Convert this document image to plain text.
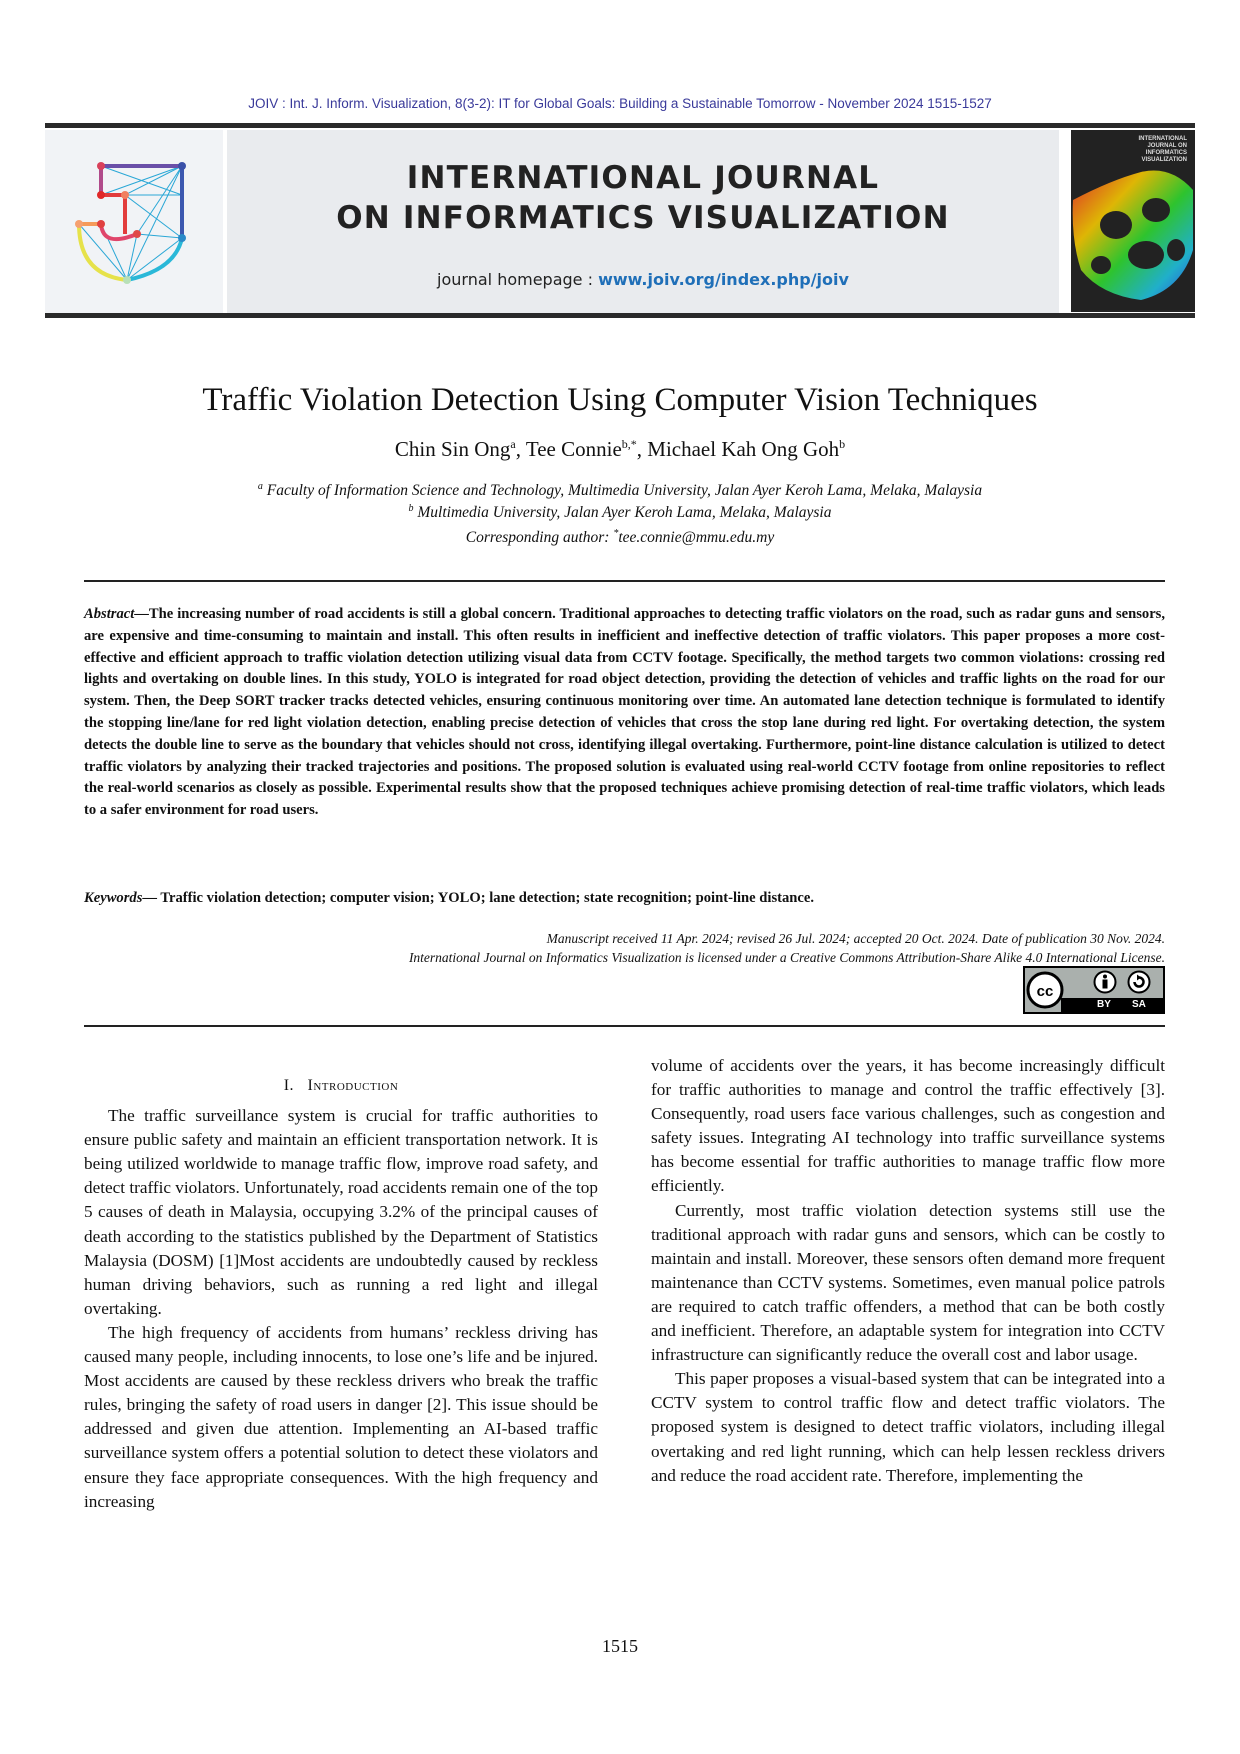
JOIV : Int. J. Inform. Visualization, 8(3-2): IT for Global Goals: Building a Sustainable Tomorrow - November 2024 1515-1527
INTERNATIONAL JOURNAL
ON INFORMATICS VISUALIZATION
journal homepage : www.joiv.org/index.php/joiv
INTERNATIONAL
JOURNAL ON
INFORMATICS
VISUALIZATION
Traffic Violation Detection Using Computer Vision Techniques
Chin Sin Ong$^a$, Tee Connie$^{b,*}$, Michael Kah Ong Goh$^b$
$^a$ Faculty of Information Science and Technology, Multimedia University, Jalan Ayer Keroh Lama, Melaka, Malaysia
$^b$ Multimedia University, Jalan Ayer Keroh Lama, Melaka, Malaysia
Corresponding author: *tee.connie@mmu.edu.my
Abstract—The increasing number of road accidents is still a global concern. Traditional approaches to detecting traffic violators on the road, such as radar guns and sensors, are expensive and time-consuming to maintain and install. This often results in inefficient and ineffective detection of traffic violators. This paper proposes a more cost-effective and efficient approach to traffic violation detection utilizing visual data from CCTV footage. Specifically, the method targets two common violations: crossing red lights and overtaking on double lines. In this study, YOLO is integrated for road object detection, providing the detection of vehicles and traffic lights on the road for our system. Then, the Deep SORT tracker tracks detected vehicles, ensuring continuous monitoring over time. An automated lane detection technique is formulated to identify the stopping line/lane for red light violation detection, enabling precise detection of vehicles that cross the stop lane during red light. For overtaking detection, the system detects the double line to serve as the boundary that vehicles should not cross, identifying illegal overtaking. Furthermore, point-line distance calculation is utilized to detect traffic violators by analyzing their tracked trajectories and positions. The proposed solution is evaluated using real-world CCTV footage from online repositories to reflect the real-world scenarios as closely as possible. Experimental results show that the proposed techniques achieve promising detection of real-time traffic violators, which leads to a safer environment for road users.
Keywords— Traffic violation detection; computer vision; YOLO; lane detection; state recognition; point-line distance.
Manuscript received 11 Apr. 2024; revised 26 Jul. 2024; accepted 20 Oct. 2024. Date of publication 30 Nov. 2024.
International Journal on Informatics Visualization is licensed under a Creative Commons Attribution-Share Alike 4.0 International License.
cc
BY SA
I. Introduction

The traffic surveillance system is crucial for traffic authorities to ensure public safety and maintain an efficient transportation network. It is being utilized worldwide to manage traffic flow, improve road safety, and detect traffic violators. Unfortunately, road accidents remain one of the top 5 causes of death in Malaysia, occupying 3.2% of the principal causes of death according to the statistics published by the Department of Statistics Malaysia (DOSM) [1]Most accidents are undoubtedly caused by reckless human driving behaviors, such as running a red light and illegal overtaking.

The high frequency of accidents from humans’ reckless driving has caused many people, including innocents, to lose one’s life and be injured. Most accidents are caused by these reckless drivers who break the traffic rules, bringing the safety of road users in danger [2]. This issue should be addressed and given due attention. Implementing an AI-based traffic surveillance system offers a potential solution to detect these violators and ensure they face appropriate consequences. With the high frequency and increasing

volume of accidents over the years, it has become increasingly difficult for traffic authorities to manage and control the traffic effectively [3]. Consequently, road users face various challenges, such as congestion and safety issues. Integrating AI technology into traffic surveillance systems has become essential for traffic authorities to manage traffic flow more efficiently.

Currently, most traffic violation detection systems still use the traditional approach with radar guns and sensors, which can be costly to maintain and install. Moreover, these sensors often demand more frequent maintenance than CCTV systems. Sometimes, even manual police patrols are required to catch traffic offenders, a method that can be both costly and inefficient. Therefore, an adaptable system for integration into CCTV infrastructure can significantly reduce the overall cost and labor usage.

This paper proposes a visual-based system that can be integrated into a CCTV system to control traffic flow and detect traffic violators. The proposed system is designed to detect traffic violators, including illegal overtaking and red light running, which can help lessen reckless drivers and reduce the road accident rate. Therefore, implementing the

1515
